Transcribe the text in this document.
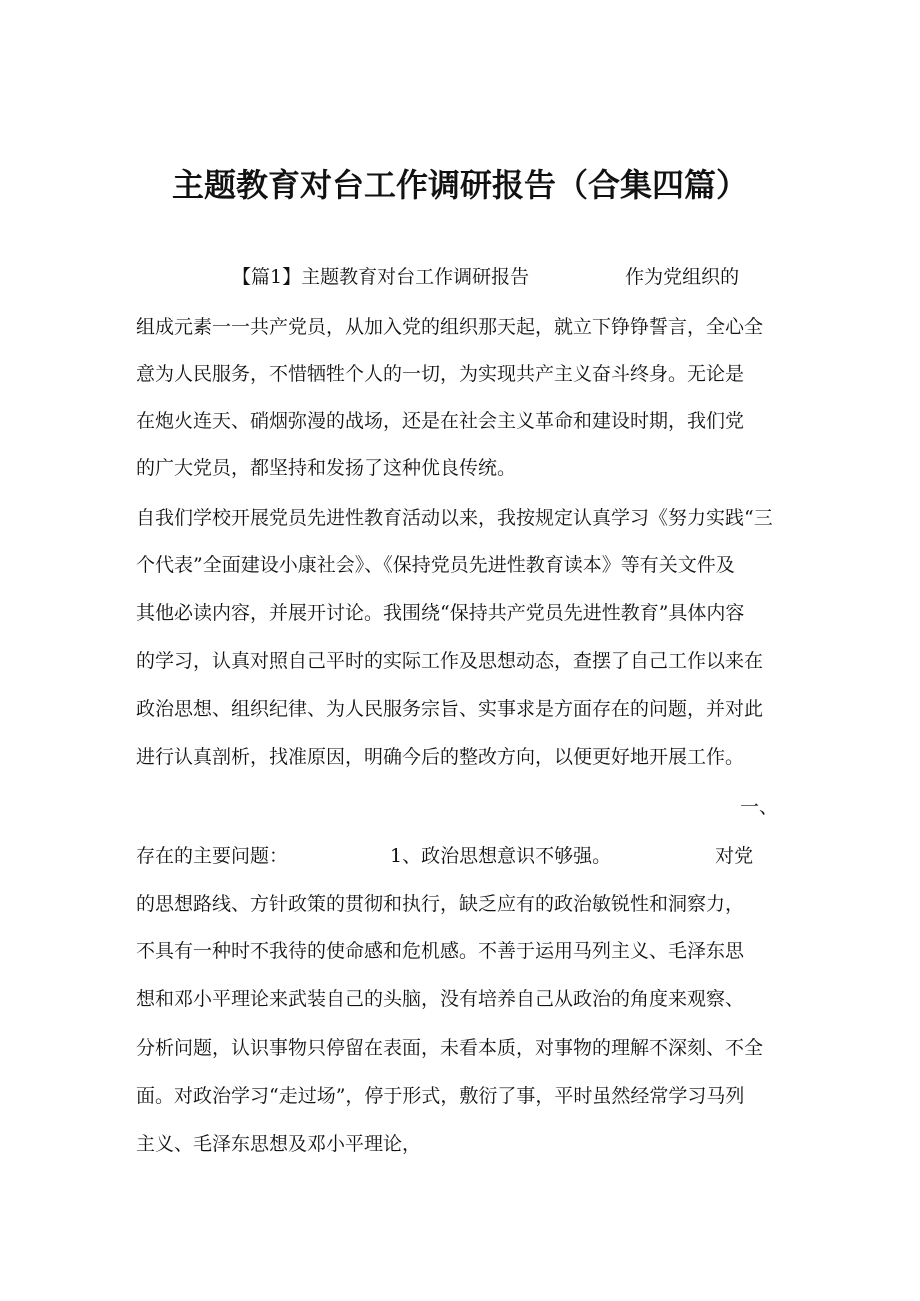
主题教育对台工作调研报告（合集四篇）
【篇1】主题教育对台工作调研报告	作为党组织的
组成元素一一共产党员，从加入党的组织那天起，就立下铮铮誓言，全心全
意为人民服务，不惜牺牲个人的一切，为实现共产主义奋斗终身。无论是
在炮火连天、硝烟弥漫的战场，还是在社会主义革命和建设时期，我们党
的广大党员，都坚持和发扬了这种优良传统。
自我们学校开展党员先进性教育活动以来，我按规定认真学习《努力实践“三
个代表”全面建设小康社会》、《保持党员先进性教育读本》等有关文件及
其他必读内容，并展开讨论。我围绕“保持共产党员先进性教育”具体内容
的学习，认真对照自己平时的实际工作及思想动态，查摆了自己工作以来在
政治思想、组织纪律、为人民服务宗旨、实事求是方面存在的问题，并对此
进行认真剖析，找准原因，明确今后的整改方向，以便更好地开展工作。
一、
存在的主要问题：	1、政治思想意识不够强。	对党
的思想路线、方针政策的贯彻和执行，缺乏应有的政治敏锐性和洞察力，
不具有一种时不我待的使命感和危机感。不善于运用马列主义、毛泽东思
想和邓小平理论来武装自己的头脑，没有培养自己从政治的角度来观察、
分析问题，认识事物只停留在表面，未看本质，对事物的理解不深刻、不全
面。对政治学习“走过场”，停于形式，敷衍了事，平时虽然经常学习马列
主义、毛泽东思想及邓小平理论，
